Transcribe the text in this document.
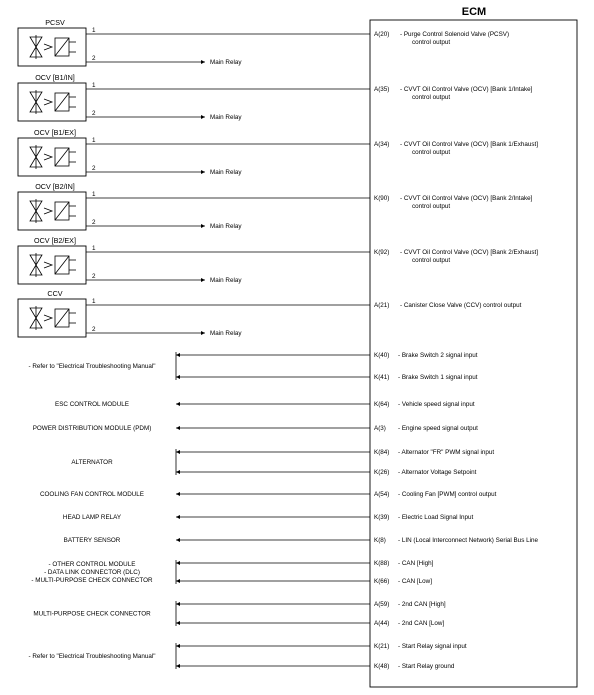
ECM
PCSV
1
2
Main Relay
A(20) - Purge Control Solenoid Valve (PCSV)
control output
OCV [B1/IN]
1
2
Main Relay
A(35) - CVVT Oil Control Valve (OCV) [Bank 1/Intake]
control output
OCV [B1/EX]
1
2
Main Relay
A(34) - CVVT Oil Control Valve (OCV) [Bank 1/Exhaust]
control output
OCV [B2/IN]
1
2
Main Relay
K(90) - CVVT Oil Control Valve (OCV) [Bank 2/Intake]
control output
OCV [B2/EX]
1
2
Main Relay
K(92) - CVVT Oil Control Valve (OCV) [Bank 2/Exhaust]
control output
CCV
1
2
Main Relay
A(21) - Canister Close Valve (CCV) control output
K(40) - Brake Switch 2 signal input
K(41) - Brake Switch 1 signal input
- Refer to "Electrical Troubleshooting Manual"
K(64) - Vehicle speed signal input
ESC CONTROL MODULE
A(3) - Engine speed signal output
POWER DISTRIBUTION MODULE (PDM)
K(84) - Alternator "FR" PWM signal input
K(26) - Alternator Voltage Setpoint
ALTERNATOR
A(54) - Cooling Fan [PWM] control output
COOLING FAN CONTROL MODULE
K(39) - Electric Load Signal Input
HEAD LAMP RELAY
K(8) - LIN (Local Interconnect Network) Serial Bus Line
BATTERY SENSOR
K(88) - CAN [High]
K(66) - CAN [Low]
- OTHER CONTROL MODULE
- DATA LINK CONNECTOR (DLC)
- MULTI-PURPOSE CHECK CONNECTOR
A(59) - 2nd CAN [High]
A(44) - 2nd CAN [Low]
MULTI-PURPOSE CHECK CONNECTOR
K(21) - Start Relay signal input
K(48) - Start Relay ground
- Refer to "Electrical Troubleshooting Manual"
